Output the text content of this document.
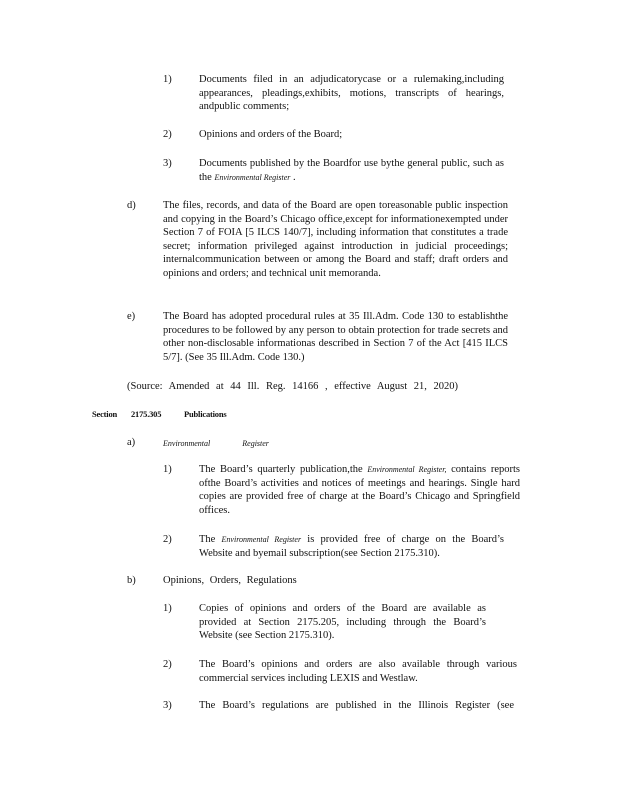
1)	Documents filed in an adjudicatorycase or a rulemaking,including appearances, pleadings,exhibits, motions, transcripts of hearings, andpublic comments;

2)	Opinions and orders of the Board;

3)	Documents published by the Boardfor use bythe general public, such as the Environmental Register .

d)	The files, records, and data of the Board are open toreasonable public inspection and copying in the Board’s Chicago office,except for informationexempted under Section 7 of FOIA [5 ILCS 140/7], including information that constitutes a trade secret; information privileged against introduction in judicial proceedings; internalcommunication between or among the Board and staff; draft orders and opinions and orders; and technical unit memoranda.

e)	The Board has adopted procedural rules at 35 Ill.Adm. Code 130 to establishthe procedures to be followed by any person to obtain protection for trade secrets and other non-disclosable informationas described in Section 7 of the Act [415 ILCS 5/7]. (See 35 Ill.Adm. Code 130.)

(Source: Amended at 44 Ill. Reg. 14166 , effective August 21, 2020)

Section 2175.305	Publications
a)	Environmental Register
1)	The Board’s quarterly publication,the Environmental Register, contains reports ofthe Board’s activities and notices of meetings and hearings. Single hard copies are provided free of charge at the Board’s Chicago and Springfield offices.

2)	The Environmental Register is provided free of charge on the Board’s Website and byemail subscription(see Section 2175.310).

b)	Opinions, Orders, Regulations

1)	Copies of opinions and orders of the Board are available as provided at Section 2175.205, including through the Board’s Website (see Section 2175.310).

2)	The Board’s opinions and orders are also available through various commercial services including LEXIS and Westlaw.

3)	The Board’s regulations are published in the Illinois Register (see
